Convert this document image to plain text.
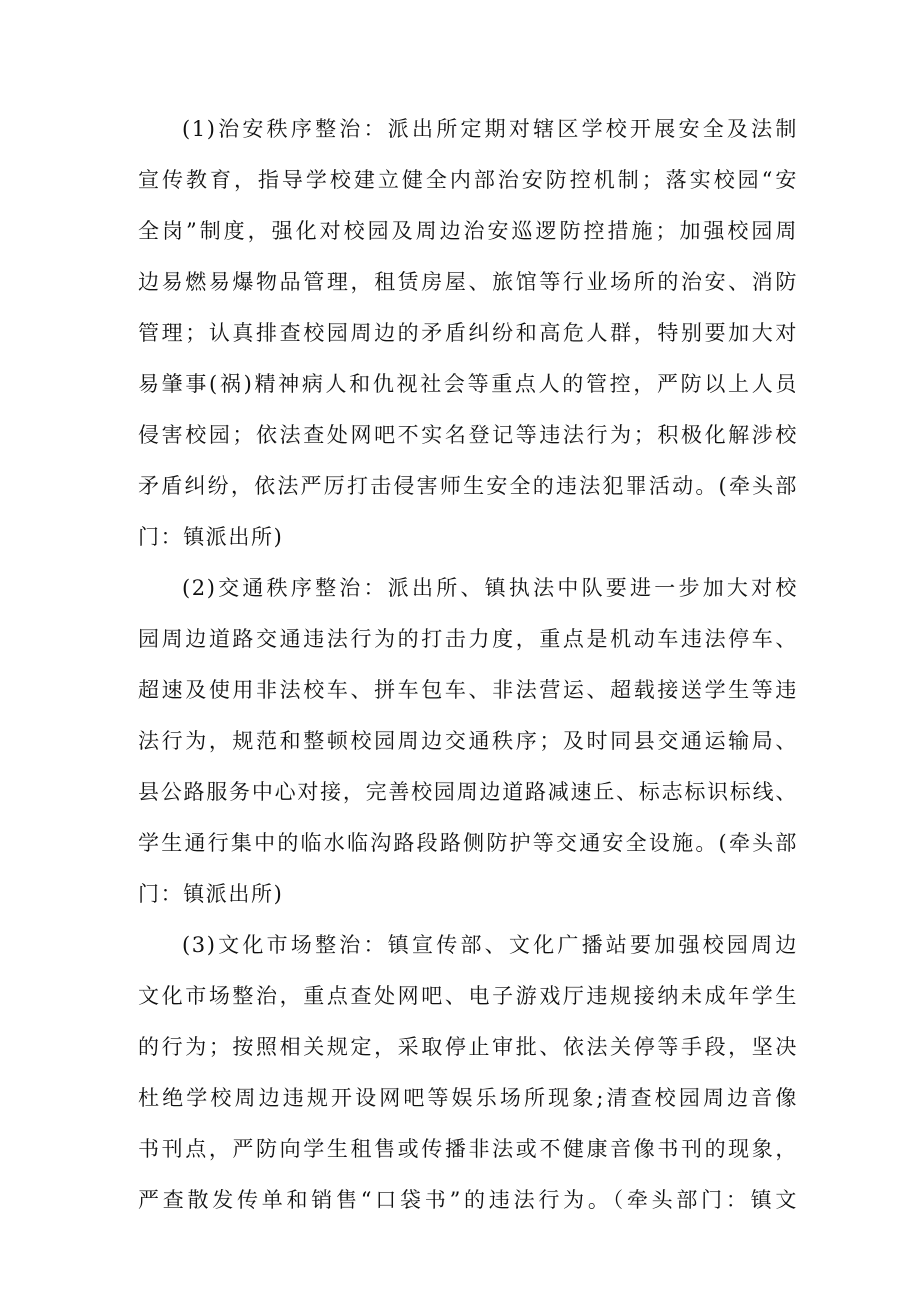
(1)治安秩序整治：派出所定期对辖区学校开展安全及法制
宣传教育，指导学校建立健全内部治安防控机制；落实校园“安
全岗”制度，强化对校园及周边治安巡逻防控措施；加强校园周
边易燃易爆物品管理，租赁房屋、旅馆等行业场所的治安、消防
管理；认真排查校园周边的矛盾纠纷和高危人群，特别要加大对
易肇事(祸)精神病人和仇视社会等重点人的管控，严防以上人员
侵害校园；依法查处网吧不实名登记等违法行为；积极化解涉校
矛盾纠纷，依法严厉打击侵害师生安全的违法犯罪活动。(牵头部
门：镇派出所)
(2)交通秩序整治：派出所、镇执法中队要进一步加大对校
园周边道路交通违法行为的打击力度，重点是机动车违法停车、
超速及使用非法校车、拼车包车、非法营运、超载接送学生等违
法行为，规范和整顿校园周边交通秩序；及时同县交通运输局、
县公路服务中心对接，完善校园周边道路减速丘、标志标识标线、
学生通行集中的临水临沟路段路侧防护等交通安全设施。(牵头部
门：镇派出所)
(3)文化市场整治：镇宣传部、文化广播站要加强校园周边
文化市场整治，重点查处网吧、电子游戏厅违规接纳未成年学生
的行为；按照相关规定，采取停止审批、依法关停等手段，坚决
杜绝学校周边违规开设网吧等娱乐场所现象;清查校园周边音像
书刊点，严防向学生租售或传播非法或不健康音像书刊的现象，
严查散发传单和销售“口袋书”的违法行为。（牵头部门：镇文
